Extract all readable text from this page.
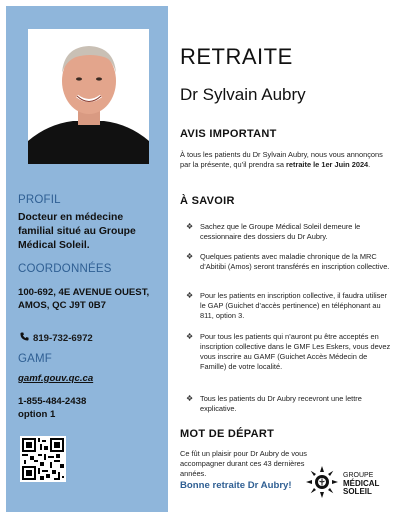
PROFIL
Docteur en médecine familial situé au Groupe Médical Soleil.
COORDONNÉES
100-692, 4E AVENUE OUEST,
AMOS, QC J9T 0B7
819-732-6972
GAMF
gamf.gouv.qc.ca
1-855-484-2438
option 1
RETRAITE
Dr Sylvain Aubry
AVIS IMPORTANT
À tous les patients du Dr Sylvain Aubry, nous vous annonçons par la présente, qu’il prendra sa retraite le 1er Juin 2024.
À SAVOIR
❖ Sachez que le Groupe Médical Soleil demeure le cessionnaire des dossiers du Dr Aubry.
❖ Quelques patients avec maladie chronique de la MRC d’Abitibi (Amos) seront transférés en inscription collective.
❖ Pour les patients en inscription collective, il faudra utiliser le GAP (Guichet d’accès pertinence) en téléphonant au 811, option 3.
❖ Pour tous les patients qui n’auront pu être acceptés en inscription collective dans le GMF Les Eskers, vous devez vous inscrire au GAMF (Guichet Accès Médecin de Famille) de votre localité.
❖ Tous les patients du Dr Aubry recevront une lettre explicative.
MOT DE DÉPART
Ce fût un plaisir pour Dr Aubry de vous accompagner durant ces 43 dernières années.
Bonne retraite Dr Aubry!
GROUPE
MÉDICAL
SOLEIL
